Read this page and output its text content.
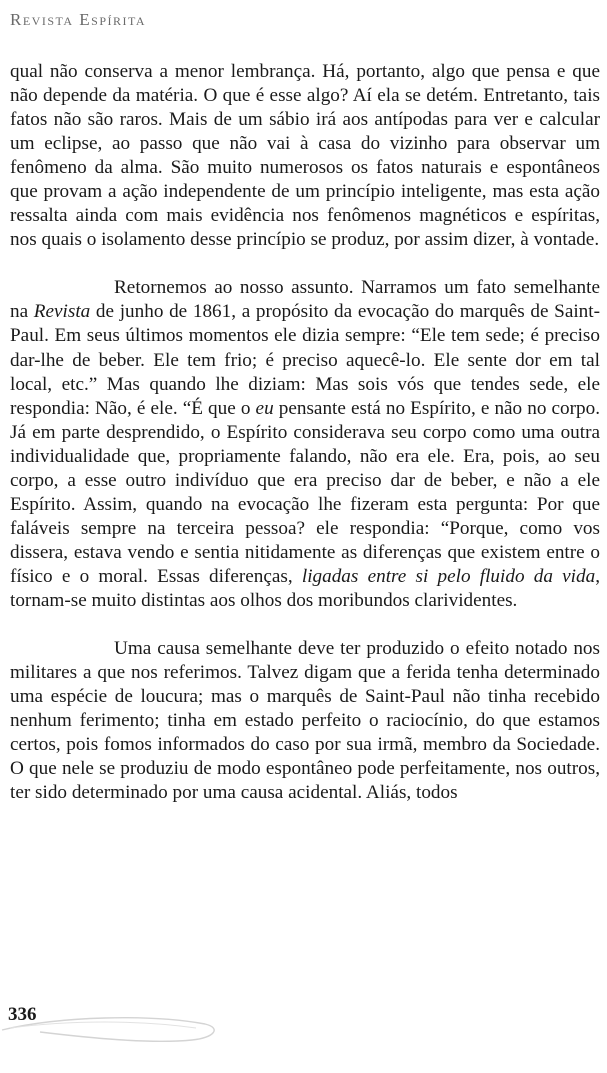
Revista Espírita

qual não conserva a menor lembrança. Há, portanto, algo que pensa e que não depende da matéria. O que é esse algo? Aí ela se detém. Entretanto, tais fatos não são raros. Mais de um sábio irá aos antípodas para ver e calcular um eclipse, ao passo que não vai à casa do vizinho para observar um fenômeno da alma. São muito numerosos os fatos naturais e espontâneos que provam a ação independente de um princípio inteligente, mas esta ação ressalta ainda com mais evidência nos fenômenos magnéticos e espíritas, nos quais o isolamento desse princípio se produz, por assim dizer, à vontade.

Retornemos ao nosso assunto. Narramos um fato semelhante na Revista de junho de 1861, a propósito da evocação do marquês de Saint-Paul. Em seus últimos momentos ele dizia sempre: “Ele tem sede; é preciso dar-lhe de beber. Ele tem frio; é preciso aquecê-lo. Ele sente dor em tal local, etc.” Mas quando lhe diziam: Mas sois vós que tendes sede, ele respondia: Não, é ele. “É que o eu pensante está no Espírito, e não no corpo. Já em parte desprendido, o Espírito considerava seu corpo como uma outra individualidade que, propriamente falando, não era ele. Era, pois, ao seu corpo, a esse outro indivíduo que era preciso dar de beber, e não a ele Espírito. Assim, quando na evocação lhe fizeram esta pergunta: Por que faláveis sempre na terceira pessoa? ele respondia: “Porque, como vos dissera, estava vendo e sentia nitidamente as diferenças que existem entre o físico e o moral. Essas diferenças, ligadas entre si pelo fluido da vida, tornam-se muito distintas aos olhos dos moribundos clarividentes.

Uma causa semelhante deve ter produzido o efeito notado nos militares a que nos referimos. Talvez digam que a ferida tenha determinado uma espécie de loucura; mas o marquês de Saint-Paul não tinha recebido nenhum ferimento; tinha em estado perfeito o raciocínio, do que estamos certos, pois fomos informados do caso por sua irmã, membro da Sociedade. O que nele se produziu de modo espontâneo pode perfeitamente, nos outros, ter sido determinado por uma causa acidental. Aliás, todos

336
